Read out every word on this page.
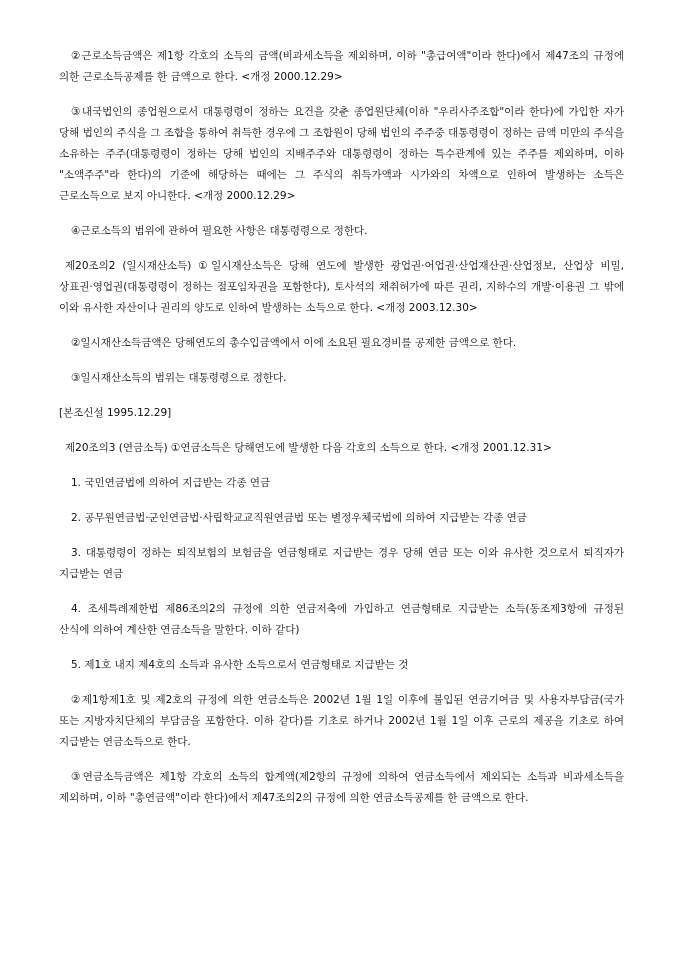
②근로소득금액은 제1항 각호의 소득의 금액(비과세소득을 제외하며, 이하 "총급여액"이라 한다)에서 제47조의 규정에 의한 근로소득공제를 한 금액으로 한다. <개정 2000.12.29>

③내국법인의 종업원으로서 대통령령이 정하는 요건을 갖춘 종업원단체(이하 "우리사주조합"이라 한다)에 가입한 자가 당해 법인의 주식을 그 조합을 통하여 취득한 경우에 그 조합원이 당해 법인의 주주중 대통령령이 정하는 금액 미만의 주식을 소유하는 주주(대통령령이 정하는 당해 법인의 지배주주와 대통령령이 정하는 특수관계에 있는 주주를 제외하며, 이하 "소액주주"라 한다)의 기준에 해당하는 때에는 그 주식의 취득가액과 시가와의 차액으로 인하여 발생하는 소득은 근로소득으로 보지 아니한다. <개정 2000.12.29>

④근로소득의 범위에 관하여 필요한 사항은 대통령령으로 정한다.

제20조의2 (일시재산소득) ①일시재산소득은 당해 연도에 발생한 광업권·어업권·산업재산권·산업정보, 산업상 비밀, 상표권·영업권(대통령령이 정하는 점포임차권을 포함한다), 토사석의 채취허가에 따른 권리, 지하수의 개발·이용권 그 밖에 이와 유사한 자산이나 권리의 양도로 인하여 발생하는 소득으로 한다. <개정 2003.12.30>

②일시재산소득금액은 당해연도의 총수입금액에서 이에 소요된 필요경비를 공제한 금액으로 한다.

③일시재산소득의 범위는 대통령령으로 정한다.

[본조신설 1995.12.29]

제20조의3 (연금소득) ①연금소득은 당해연도에 발생한 다음 각호의 소득으로 한다. <개정 2001.12.31>

1. 국민연금법에 의하여 지급받는 각종 연금

2. 공무원연금법·군인연금법·사립학교교직원연금법 또는 별정우체국법에 의하여 지급받는 각종 연금

3. 대통령령이 정하는 퇴직보험의 보험금을 연금형태로 지급받는 경우 당해 연금 또는 이와 유사한 것으로서 퇴직자가 지급받는 연금

4. 조세특례제한법 제86조의2의 규정에 의한 연금저축에 가입하고 연금형태로 지급받는 소득(동조제3항에 규정된 산식에 의하여 계산한 연금소득을 말한다. 이하 같다)

5. 제1호 내지 제4호의 소득과 유사한 소득으로서 연금형태로 지급받는 것

②제1항제1호 및 제2호의 규정에 의한 연금소득은 2002년 1월 1일 이후에 불입된 연금기여금 및 사용자부담금(국가 또는 지방자치단체의 부담금을 포함한다. 이하 같다)를 기초로 하거나 2002년 1월 1일 이후 근로의 제공을 기초로 하여 지급받는 연금소득으로 한다.

③연금소득금액은 제1항 각호의 소득의 합계액(제2항의 규정에 의하여 연금소득에서 제외되는 소득과 비과세소득을 제외하며, 이하 "총연금액"이라 한다)에서 제47조의2의 규정에 의한 연금소득공제를 한 금액으로 한다.
